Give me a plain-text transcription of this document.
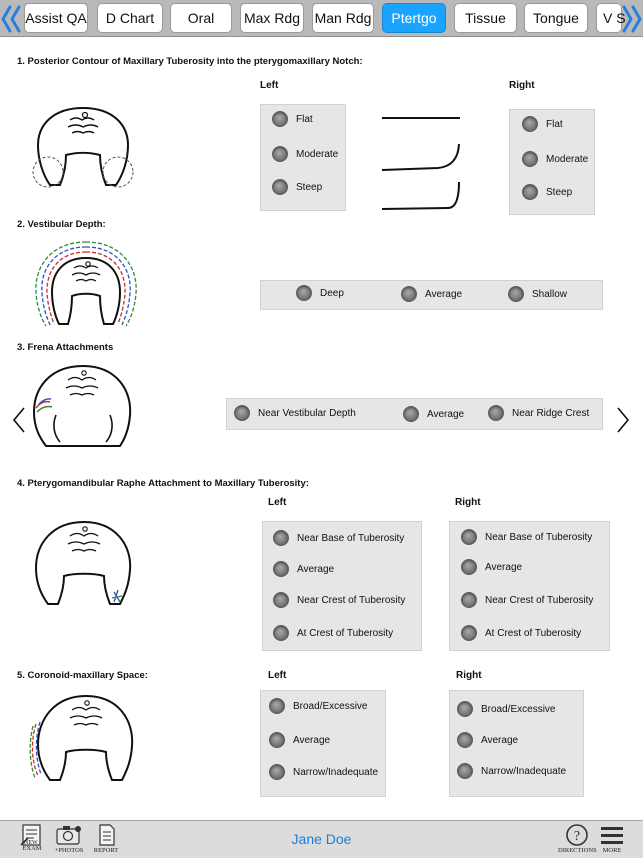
Assist QA	D Chart	Oral	Max Rdg Man Rdg	Ptertgo	Tissue	Tongue	V S
1. Posterior Contour of Maxillary Tuberosity into the pterygomaxillary Notch:
Left	Right
Flat
Moderate
Steep
Flat
Moderate
Steep
2. Vestibular Depth:
Deep	Average	Shallow
3. Frena Attachments
Near Vestibular Depth	Average	Near Ridge Crest
4. Pterygomandibular Raphe Attachment to Maxillary Tuberosity:
Left	Right
Near Base of Tuberosity
Average
Near Crest of Tuberosity
At Crest of Tuberosity
Near Base of Tuberosity
Average
Near Crest of Tuberosity
At Crest of Tuberosity
5. Coronoid-maxillary Space:	Left	Right
Broad/Excessive
Average
Narrow/Inadequate
Broad/Excessive
Average
Narrow/Inadequate
NEW
EXAM +PHOTOS REPORT
Jane Doe	?
DIRECTIONS MORE
